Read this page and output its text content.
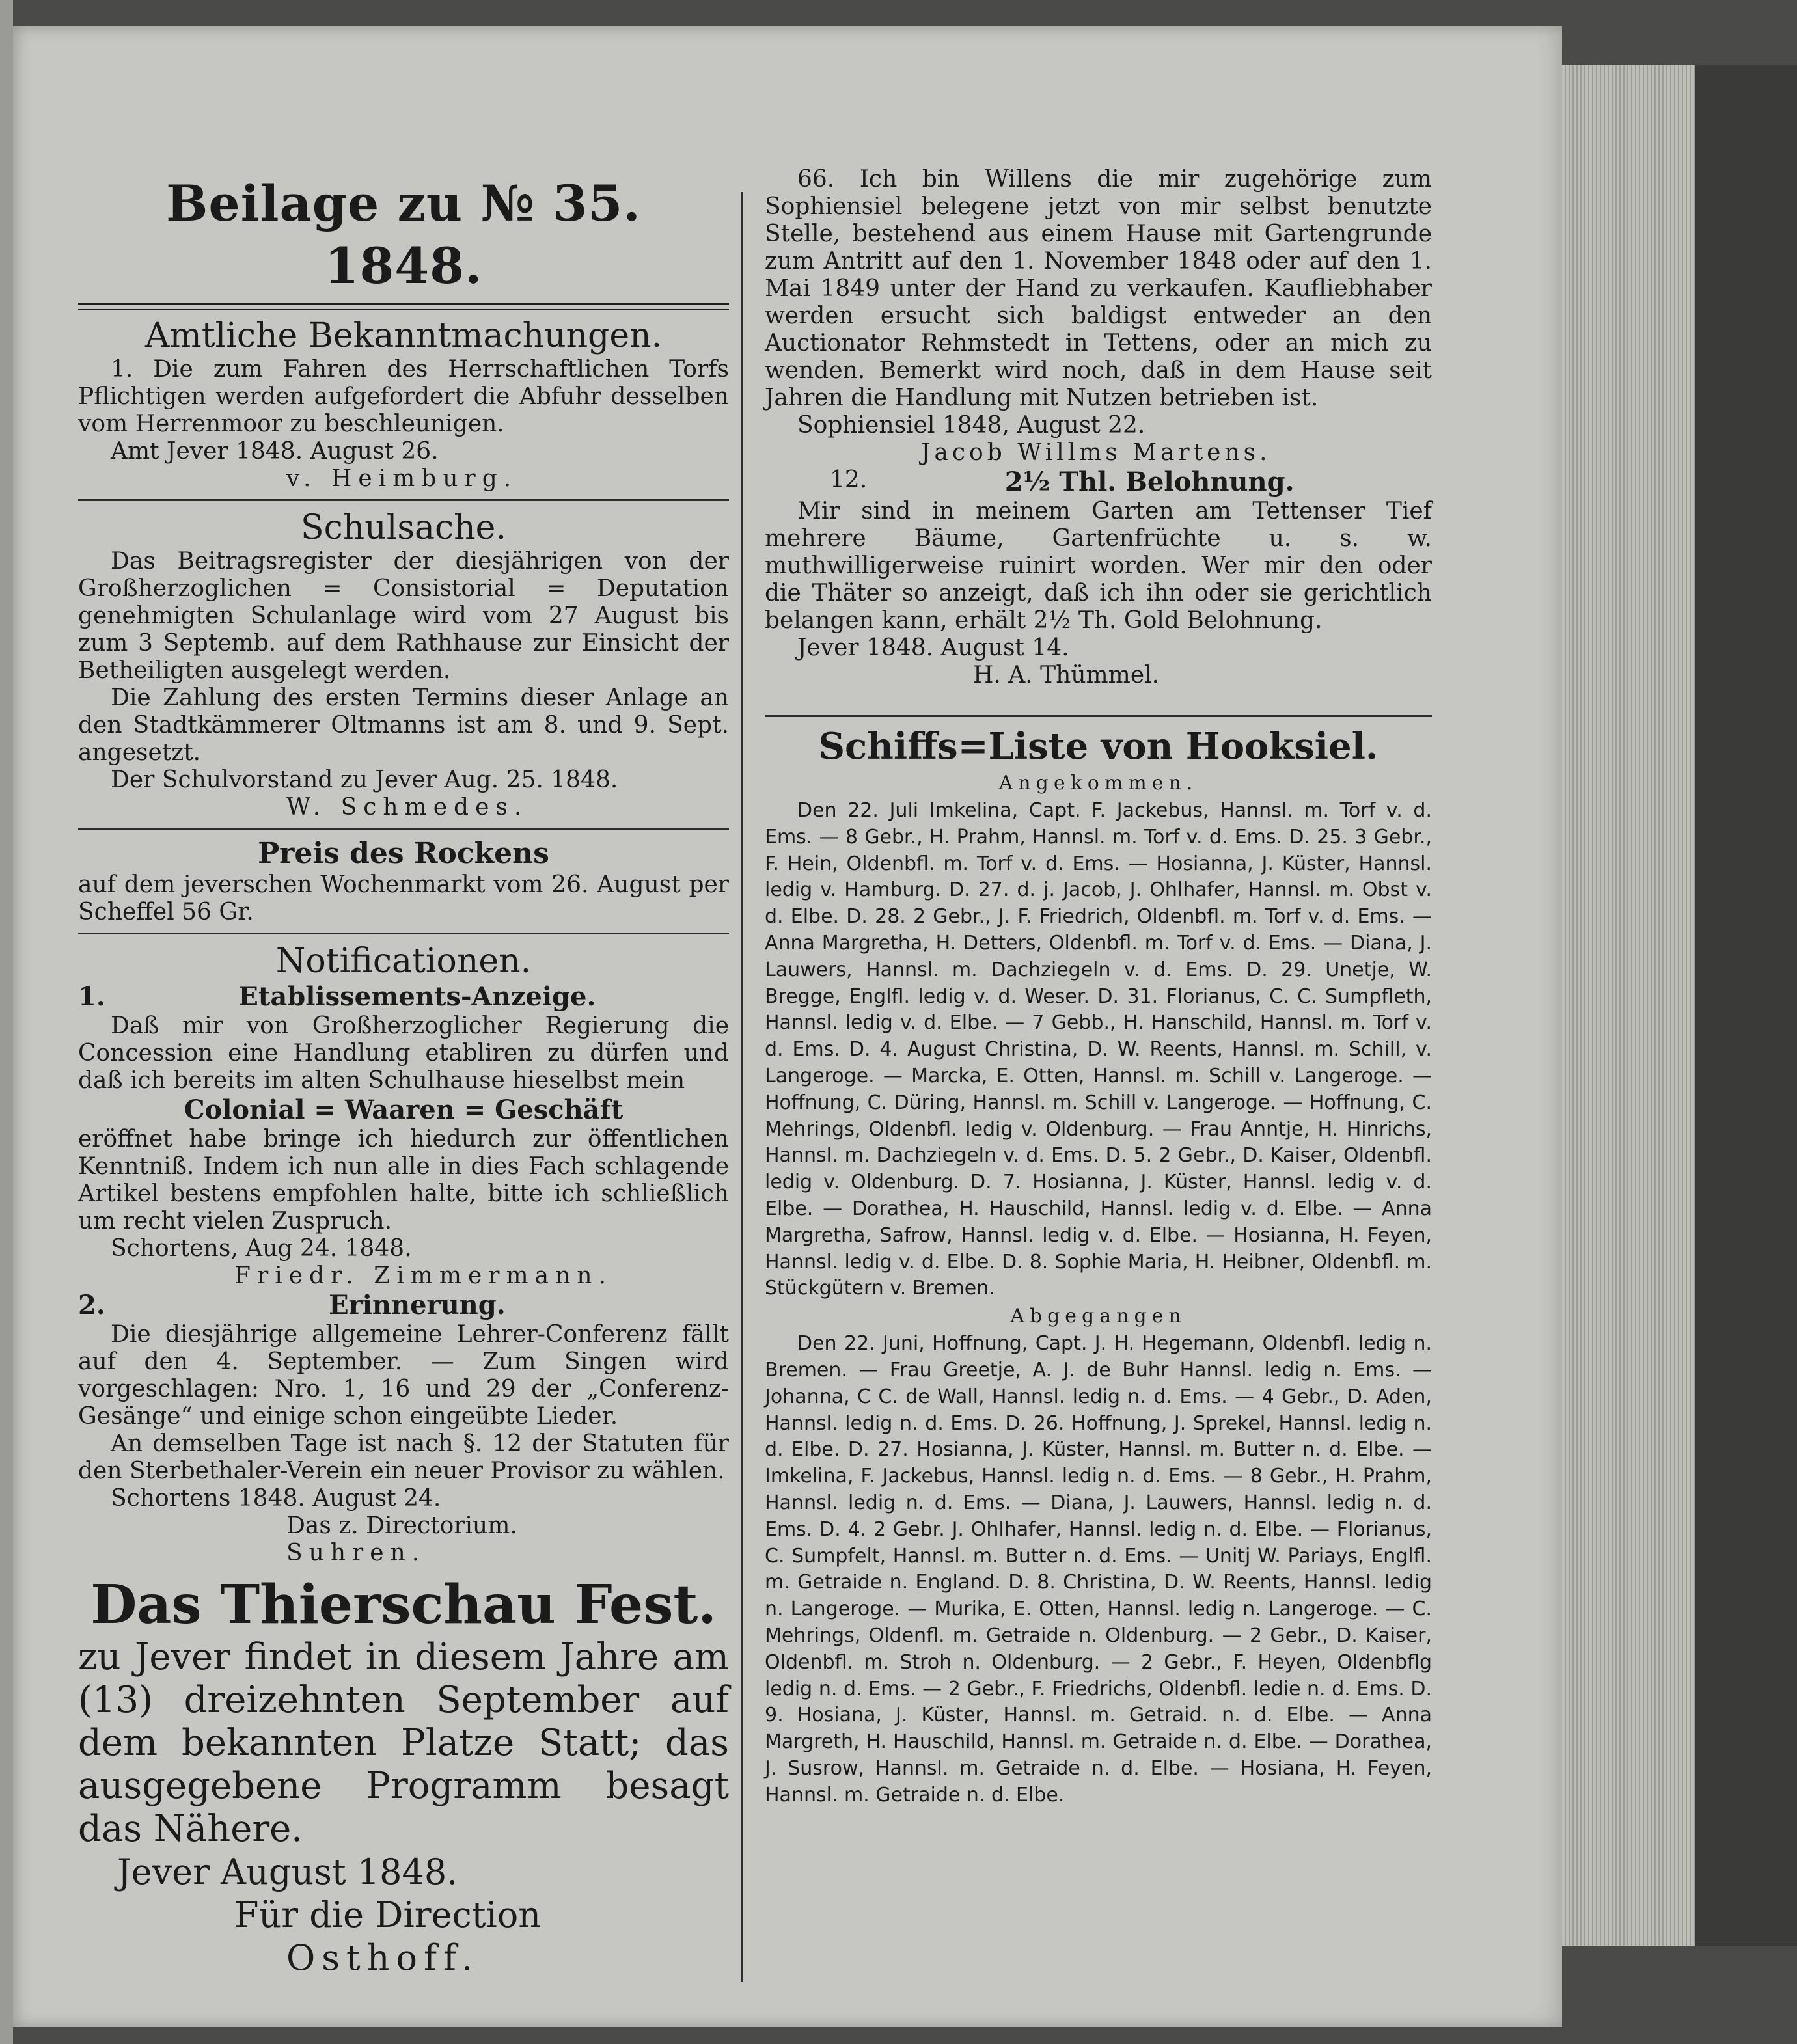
Beilage zu № 35. 1848.
Amtliche Bekanntmachungen.

1. Die zum Fahren des Herrschaftlichen Torfs Pflichtigen werden aufgefordert die Abfuhr desselben vom Herrenmoor zu beschleunigen.

Amt Jever 1848. August 26.

v. Heimburg.

Schulsache.

Das Beitragsregister der diesjährigen von der Großherzoglichen = Consistorial = Deputation genehmigten Schulanlage wird vom 27 August bis zum 3 Septemb. auf dem Rathhause zur Einsicht der Betheiligten ausgelegt werden.

Die Zahlung des ersten Termins dieser Anlage an den Stadtkämmerer Oltmanns ist am 8. und 9. Sept. angesetzt.

Der Schulvorstand zu Jever Aug. 25. 1848.

W. Schmedes.

Preis des Rockens

auf dem jeverschen Wochenmarkt vom 26. August per Scheffel 56 Gr.

Notificationen.
1.	Etablissements-Anzeige.

Daß mir von Großherzoglicher Regierung die Concession eine Handlung etabliren zu dürfen und daß ich bereits im alten Schulhause hieselbst mein

Colonial = Waaren = Geschäft

eröffnet habe bringe ich hiedurch zur öffentlichen Kenntniß. Indem ich nun alle in dies Fach schlagende Artikel bestens empfohlen halte, bitte ich schließlich um recht vielen Zuspruch.

Schortens, Aug 24. 1848.

Friedr. Zimmermann.

2.	Erinnerung.

Die diesjährige allgemeine Lehrer-Conferenz fällt auf den 4. September. — Zum Singen wird vorgeschlagen: Nro. 1, 16 und 29 der „Conferenz-Gesänge“ und einige schon eingeübte Lieder.

An demselben Tage ist nach §. 12 der Statuten für den Sterbethaler-Verein ein neuer Provisor zu wählen.

Schortens 1848. August 24.

Das z. Directorium.

Suhren.

Das Thierschau Fest.

zu Jever findet in diesem Jahre am (13) dreizehnten September auf dem bekannten Platze Statt; das ausgegebene Programm besagt das Nähere.

Jever August 1848.

Für die Direction

Osthoff.

66. Ich bin Willens die mir zugehörige zum Sophiensiel belegene jetzt von mir selbst benutzte Stelle, bestehend aus einem Hause mit Gartengrunde zum Antritt auf den 1. November 1848 oder auf den 1. Mai 1849 unter der Hand zu verkaufen. Kaufliebhaber werden ersucht sich baldigst entweder an den Auctionator Rehmstedt in Tettens, oder an mich zu wenden. Bemerkt wird noch, daß in dem Hause seit Jahren die Handlung mit Nutzen betrieben ist.

Sophiensiel 1848, August 22.

Jacob Willms Martens.

12.	2½ Thl. Belohnung.

Mir sind in meinem Garten am Tettenser Tief mehrere Bäume, Gartenfrüchte u. s. w. muthwilligerweise ruinirt worden. Wer mir den oder die Thäter so anzeigt, daß ich ihn oder sie gerichtlich belangen kann, erhält 2½ Th. Gold Belohnung.

Jever 1848. August 14.

H. A. Thümmel.

Schiffs=Liste von Hooksiel.
Angekommen.

Den 22. Juli Imkelina, Capt. F. Jackebus, Hannsl. m. Torf v. d. Ems. — 8 Gebr., H. Prahm, Hannsl. m. Torf v. d. Ems. D. 25. 3 Gebr., F. Hein, Oldenbfl. m. Torf v. d. Ems. — Hosianna, J. Küster, Hannsl. ledig v. Hamburg. D. 27. d. j. Jacob, J. Ohlhafer, Hannsl. m. Obst v. d. Elbe. D. 28. 2 Gebr., J. F. Friedrich, Oldenbfl. m. Torf v. d. Ems. — Anna Margretha, H. Detters, Oldenbfl. m. Torf v. d. Ems. — Diana, J. Lauwers, Hannsl. m. Dachziegeln v. d. Ems. D. 29. Unetje, W. Bregge, Englfl. ledig v. d. Weser. D. 31. Florianus, C. C. Sumpfleth, Hannsl. ledig v. d. Elbe. — 7 Gebb., H. Hanschild, Hannsl. m. Torf v. d. Ems. D. 4. August Christina, D. W. Reents, Hannsl. m. Schill, v. Langeroge. — Marcka, E. Otten, Hannsl. m. Schill v. Langeroge. — Hoffnung, C. Düring, Hannsl. m. Schill v. Langeroge. — Hoffnung, C. Mehrings, Oldenbfl. ledig v. Oldenburg. — Frau Anntje, H. Hinrichs, Hannsl. m. Dachziegeln v. d. Ems. D. 5. 2 Gebr., D. Kaiser, Oldenbfl. ledig v. Oldenburg. D. 7. Hosianna, J. Küster, Hannsl. ledig v. d. Elbe. — Dorathea, H. Hauschild, Hannsl. ledig v. d. Elbe. — Anna Margretha, Safrow, Hannsl. ledig v. d. Elbe. — Hosianna, H. Feyen, Hannsl. ledig v. d. Elbe. D. 8. Sophie Maria, H. Heibner, Oldenbfl. m. Stückgütern v. Bremen.

Abgegangen

Den 22. Juni, Hoffnung, Capt. J. H. Hegemann, Oldenbfl. ledig n. Bremen. — Frau Greetje, A. J. de Buhr Hannsl. ledig n. Ems. — Johanna, C C. de Wall, Hannsl. ledig n. d. Ems. — 4 Gebr., D. Aden, Hannsl. ledig n. d. Ems. D. 26. Hoffnung, J. Sprekel, Hannsl. ledig n. d. Elbe. D. 27. Hosianna, J. Küster, Hannsl. m. Butter n. d. Elbe. — Imkelina, F. Jackebus, Hannsl. ledig n. d. Ems. — 8 Gebr., H. Prahm, Hannsl. ledig n. d. Ems. — Diana, J. Lauwers, Hannsl. ledig n. d. Ems. D. 4. 2 Gebr. J. Ohlhafer, Hannsl. ledig n. d. Elbe. — Florianus, C. Sumpfelt, Hannsl. m. Butter n. d. Ems. — Unitj W. Pariays, Englfl. m. Getraide n. England. D. 8. Christina, D. W. Reents, Hannsl. ledig n. Langeroge. — Murika, E. Otten, Hannsl. ledig n. Langeroge. — C. Mehrings, Oldenfl. m. Getraide n. Oldenburg. — 2 Gebr., D. Kaiser, Oldenbfl. m. Stroh n. Oldenburg. — 2 Gebr., F. Heyen, Oldenbflg ledig n. d. Ems. — 2 Gebr., F. Friedrichs, Oldenbfl. ledie n. d. Ems. D. 9. Hosiana, J. Küster, Hannsl. m. Getraid. n. d. Elbe. — Anna Margreth, H. Hauschild, Hannsl. m. Getraide n. d. Elbe. — Dorathea, J. Susrow, Hannsl. m. Getraide n. d. Elbe. — Hosiana, H. Feyen, Hannsl. m. Getraide n. d. Elbe.
